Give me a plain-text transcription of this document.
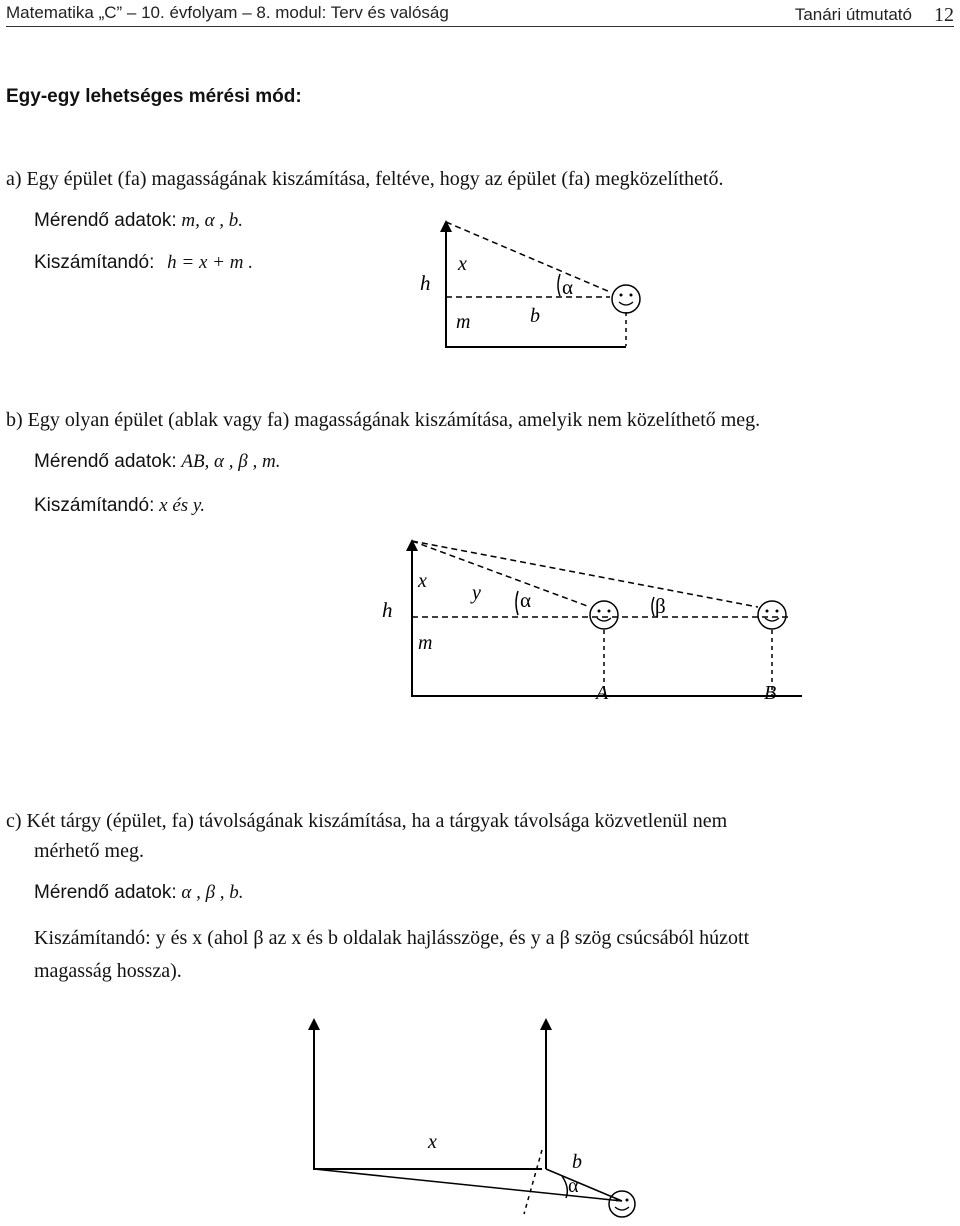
Matematika „C” – 10. évfolyam – 8. modul: Terv és valóság	Tanári útmutató 12
Egy-egy lehetséges mérési mód:
a) Egy épület (fa) magasságának kiszámítása, feltéve, hogy az épület (fa) megközelíthető.
Mérendő adatok: m, α , b.
Kiszámítandó: h = x + m .
h
x
m	b
α
b) Egy olyan épület (ablak vagy fa) magasságának kiszámítása, amelyik nem közelíthető meg.
Mérendő adatok: AB, α , β , m.
Kiszámítandó: x és y.
h
x
y
m
α	β
A	B
c) Két tárgy (épület, fa) távolságának kiszámítása, ha a tárgyak távolsága közvetlenül nem
mérhető meg.
Mérendő adatok: α , β , b.
Kiszámítandó: y és x (ahol β az x és b oldalak hajlásszöge, és y a β szög csúcsából húzott
magasság hossza).
x
b
α
